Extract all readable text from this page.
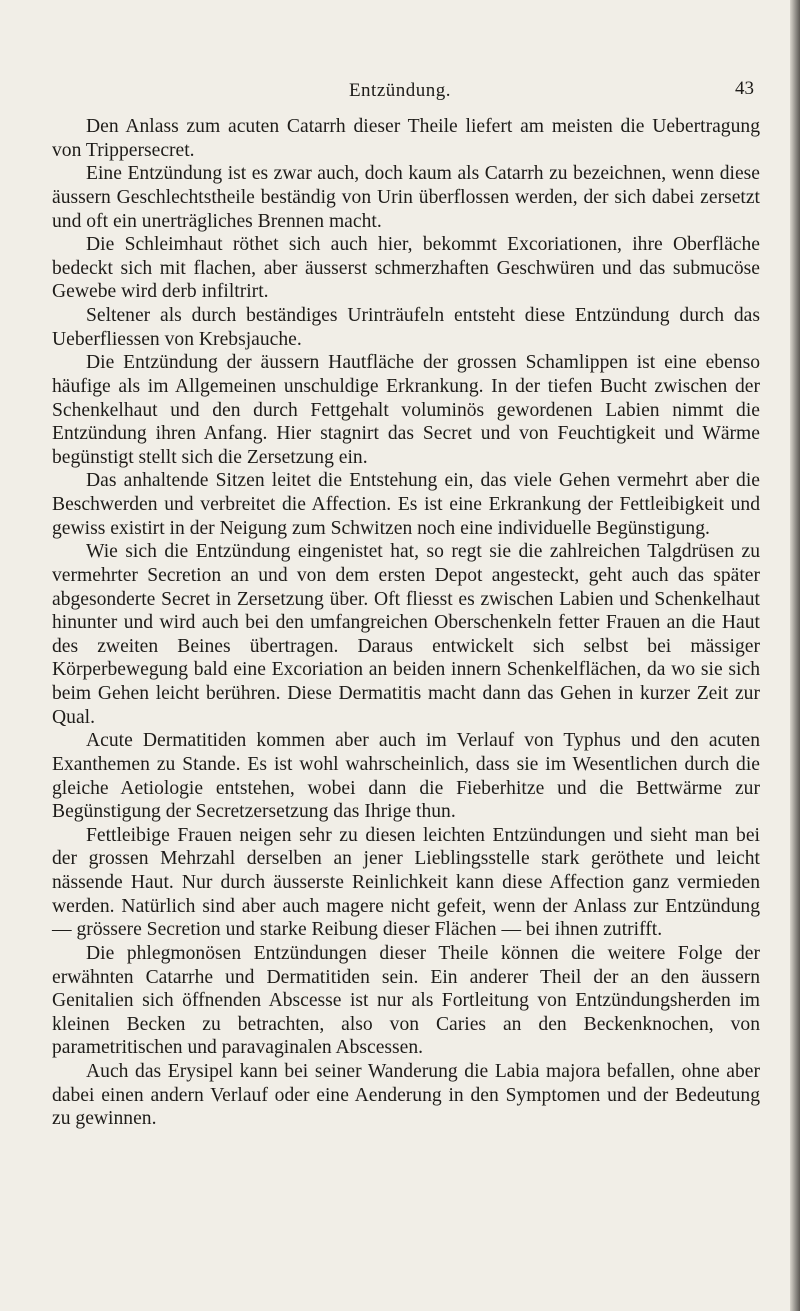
Entzündung.	43

Den Anlass zum acuten Catarrh dieser Theile liefert am meisten die Uebertragung von Trippersecret.

Eine Entzündung ist es zwar auch, doch kaum als Catarrh zu bezeichnen, wenn diese äussern Geschlechtstheile beständig von Urin überflossen werden, der sich dabei zersetzt und oft ein unerträgliches Brennen macht.

Die Schleimhaut röthet sich auch hier, bekommt Excoriationen, ihre Oberfläche bedeckt sich mit flachen, aber äusserst schmerzhaften Geschwüren und das submucöse Gewebe wird derb infiltrirt.

Seltener als durch beständiges Urinträufeln entsteht diese Entzündung durch das Ueberfliessen von Krebsjauche.

Die Entzündung der äussern Hautfläche der grossen Schamlippen ist eine ebenso häufige als im Allgemeinen unschuldige Erkrankung. In der tiefen Bucht zwischen der Schenkelhaut und den durch Fettgehalt voluminös gewordenen Labien nimmt die Entzündung ihren Anfang. Hier stagnirt das Secret und von Feuchtigkeit und Wärme begünstigt stellt sich die Zersetzung ein.

Das anhaltende Sitzen leitet die Entstehung ein, das viele Gehen vermehrt aber die Beschwerden und verbreitet die Affection. Es ist eine Erkrankung der Fettleibigkeit und gewiss existirt in der Neigung zum Schwitzen noch eine individuelle Begünstigung.

Wie sich die Entzündung eingenistet hat, so regt sie die zahlreichen Talgdrüsen zu vermehrter Secretion an und von dem ersten Depot angesteckt, geht auch das später abgesonderte Secret in Zersetzung über. Oft fliesst es zwischen Labien und Schenkelhaut hinunter und wird auch bei den umfangreichen Oberschenkeln fetter Frauen an die Haut des zweiten Beines übertragen. Daraus entwickelt sich selbst bei mässiger Körperbewegung bald eine Excoriation an beiden innern Schenkelflächen, da wo sie sich beim Gehen leicht berühren. Diese Dermatitis macht dann das Gehen in kurzer Zeit zur Qual.

Acute Dermatitiden kommen aber auch im Verlauf von Typhus und den acuten Exanthemen zu Stande. Es ist wohl wahrscheinlich, dass sie im Wesentlichen durch die gleiche Aetiologie entstehen, wobei dann die Fieberhitze und die Bettwärme zur Begünstigung der Secretzersetzung das Ihrige thun.

Fettleibige Frauen neigen sehr zu diesen leichten Entzündungen und sieht man bei der grossen Mehrzahl derselben an jener Lieblingsstelle stark geröthete und leicht nässende Haut. Nur durch äusserste Reinlichkeit kann diese Affection ganz vermieden werden. Natürlich sind aber auch magere nicht gefeit, wenn der Anlass zur Entzündung — grössere Secretion und starke Reibung dieser Flächen — bei ihnen zutrifft.

Die phlegmonösen Entzündungen dieser Theile können die weitere Folge der erwähnten Catarrhe und Dermatitiden sein. Ein anderer Theil der an den äussern Genitalien sich öffnenden Abscesse ist nur als Fortleitung von Entzündungsherden im kleinen Becken zu betrachten, also von Caries an den Beckenknochen, von parametritischen und paravaginalen Abscessen.

Auch das Erysipel kann bei seiner Wanderung die Labia majora befallen, ohne aber dabei einen andern Verlauf oder eine Aenderung in den Symptomen und der Bedeutung zu gewinnen.
